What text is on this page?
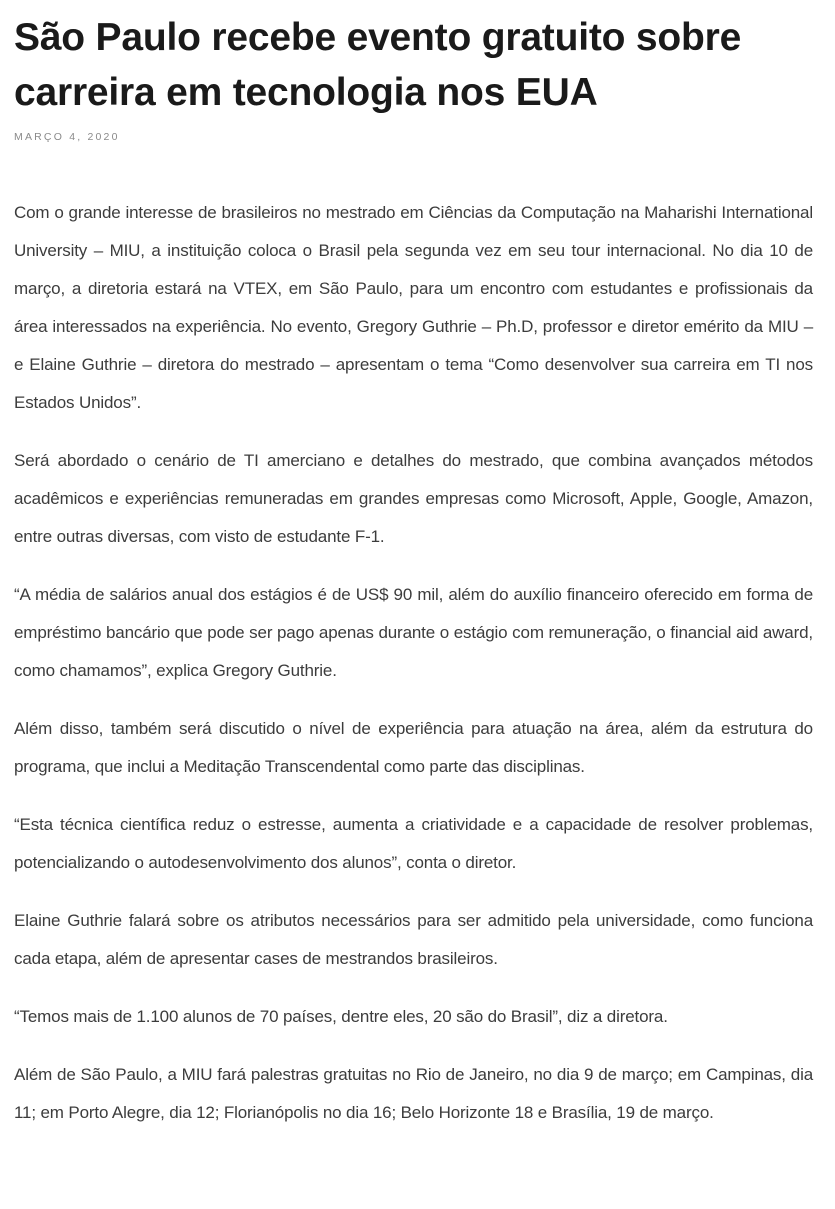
São Paulo recebe evento gratuito sobre carreira em tecnologia nos EUA
MARÇO 4, 2020

Com o grande interesse de brasileiros no mestrado em Ciências da Computação na Maharishi International University – MIU, a instituição coloca o Brasil pela segunda vez em seu tour internacional. No dia 10 de março, a diretoria estará na VTEX, em São Paulo, para um encontro com estudantes e profissionais da área interessados na experiência. No evento, Gregory Guthrie – Ph.D, professor e diretor emérito da MIU – e Elaine Guthrie – diretora do mestrado – apresentam o tema “Como desenvolver sua carreira em TI nos Estados Unidos”.

Será abordado o cenário de TI amerciano e detalhes do mestrado, que combina avançados métodos acadêmicos e experiências remuneradas em grandes empresas como Microsoft, Apple, Google, Amazon, entre outras diversas, com visto de estudante F-1.

“A média de salários anual dos estágios é de US$ 90 mil, além do auxílio financeiro oferecido em forma de empréstimo bancário que pode ser pago apenas durante o estágio com remuneração, o financial aid award, como chamamos”, explica Gregory Guthrie.

Além disso, também será discutido o nível de experiência para atuação na área, além da estrutura do programa, que inclui a Meditação Transcendental como parte das disciplinas.

“Esta técnica científica reduz o estresse, aumenta a criatividade e a capacidade de resolver problemas, potencializando o autodesenvolvimento dos alunos”, conta o diretor.

Elaine Guthrie falará sobre os atributos necessários para ser admitido pela universidade, como funciona cada etapa, além de apresentar cases de mestrandos brasileiros.

“Temos mais de 1.100 alunos de 70 países, dentre eles, 20 são do Brasil”, diz a diretora.

Além de São Paulo, a MIU fará palestras gratuitas no Rio de Janeiro, no dia 9 de março; em Campinas, dia 11; em Porto Alegre, dia 12; Florianópolis no dia 16; Belo Horizonte 18 e Brasília, 19 de março.
